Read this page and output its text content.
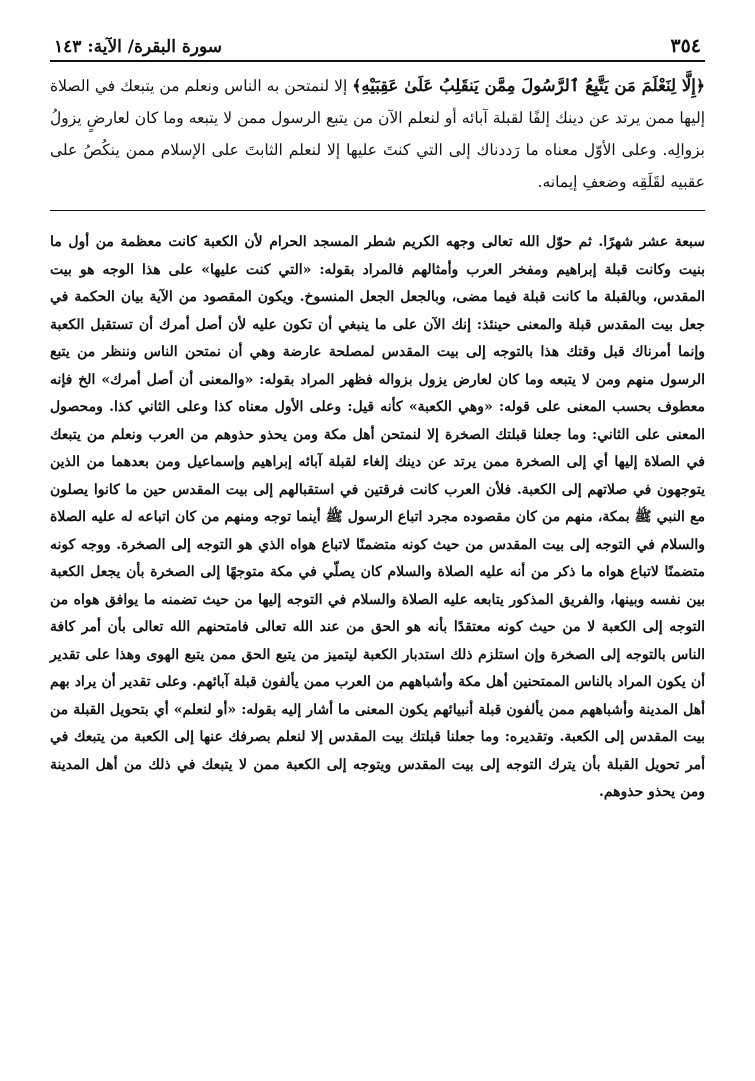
٣٥٤
سورة البقرة/ الآية: ١٤٣
﴿إِلَّا لِنَعْلَمَ مَن يَتَّبِعُ ٱلرَّسُولَ مِمَّن يَنقَلِبُ عَلَىٰ عَقِبَيْهِ﴾ إلا لنمتحن به الناس ونعلم من يتبعك في الصلاة إليها ممن يرتد عن دينك إلفًا لقبلة آبائه أو لنعلم الآن من يتبع الرسول ممن لا يتبعه وما كان لعارضٍ يزولُ بزوالِه. وعلى الأوّل معناه ما رَددناك إلى التي كنتَ عليها إلا لنعلم الثابتَ على الإسلام ممن ينكُصُ على عقبيه لقَلَقِه وضعفِ إيمانه.

سبعة عشر شهرًا. ثم حوّل الله تعالى وجهه الكريم شطر المسجد الحرام لأن الكعبة كانت معظمة من أول ما بنيت وكانت قبلة إبراهيم ومفخر العرب وأمثالهم فالمراد بقوله: «التي كنت عليها» على هذا الوجه هو بيت المقدس، وبالقبلة ما كانت قبلة فيما مضى، وبالجعل الجعل المنسوخ. ويكون المقصود من الآية بيان الحكمة في جعل بيت المقدس قبلة والمعنى حينئذ: إنك الآن على ما ينبغي أن تكون عليه لأن أصل أمرك أن تستقبل الكعبة وإنما أمرناك قبل وقتك هذا بالتوجه إلى بيت المقدس لمصلحة عارضة وهي أن نمتحن الناس وننظر من يتبع الرسول منهم ومن لا يتبعه وما كان لعارض يزول بزواله فظهر المراد بقوله: «والمعنى أن أصل أمرك» الخ فإنه معطوف بحسب المعنى على قوله: «وهي الكعبة» كأنه قيل: وعلى الأول معناه كذا وعلى الثاني كذا. ومحصول المعنى على الثاني: وما جعلنا قبلتك الصخرة إلا لنمتحن أهل مكة ومن يحذو حذوهم من العرب ونعلم من يتبعك في الصلاة إليها أي إلى الصخرة ممن يرتد عن دينك إلغاء لقبلة آبائه إبراهيم وإسماعيل ومن بعدهما من الذين يتوجهون في صلاتهم إلى الكعبة. فلأن العرب كانت فرقتين في استقبالهم إلى بيت المقدس حين ما كانوا يصلون مع النبي ﷺ بمكة، منهم من كان مقصوده مجرد اتباع الرسول ﷺ أينما توجه ومنهم من كان اتباعه له عليه الصلاة والسلام في التوجه إلى بيت المقدس من حيث كونه متضمنًا لاتباع هواه الذي هو التوجه إلى الصخرة. ووجه كونه متضمنًا لاتباع هواه ما ذكر من أنه عليه الصلاة والسلام كان يصلّي في مكة متوجهًا إلى الصخرة بأن يجعل الكعبة بين نفسه وبينها، والفريق المذكور يتابعه عليه الصلاة والسلام في التوجه إليها من حيث تضمنه ما يوافق هواه من التوجه إلى الكعبة لا من حيث كونه معتقدًا بأنه هو الحق من عند الله تعالى فامتحنهم الله تعالى بأن أمر كافة الناس بالتوجه إلى الصخرة وإن استلزم ذلك استدبار الكعبة ليتميز من يتبع الحق ممن يتبع الهوى وهذا على تقدير أن يكون المراد بالناس الممتحنين أهل مكة وأشباههم من العرب ممن يألفون قبلة آبائهم. وعلى تقدير أن يراد بهم أهل المدينة وأشباههم ممن يألفون قبلة أنبيائهم يكون المعنى ما أشار إليه بقوله: «أو لنعلم» أي بتحويل القبلة من بيت المقدس إلى الكعبة. وتقديره: وما جعلنا قبلتك بيت المقدس إلا لنعلم بصرفك عنها إلى الكعبة من يتبعك في أمر تحويل القبلة بأن يترك التوجه إلى بيت المقدس ويتوجه إلى الكعبة ممن لا يتبعك في ذلك من أهل المدينة ومن يحذو حذوهم.
